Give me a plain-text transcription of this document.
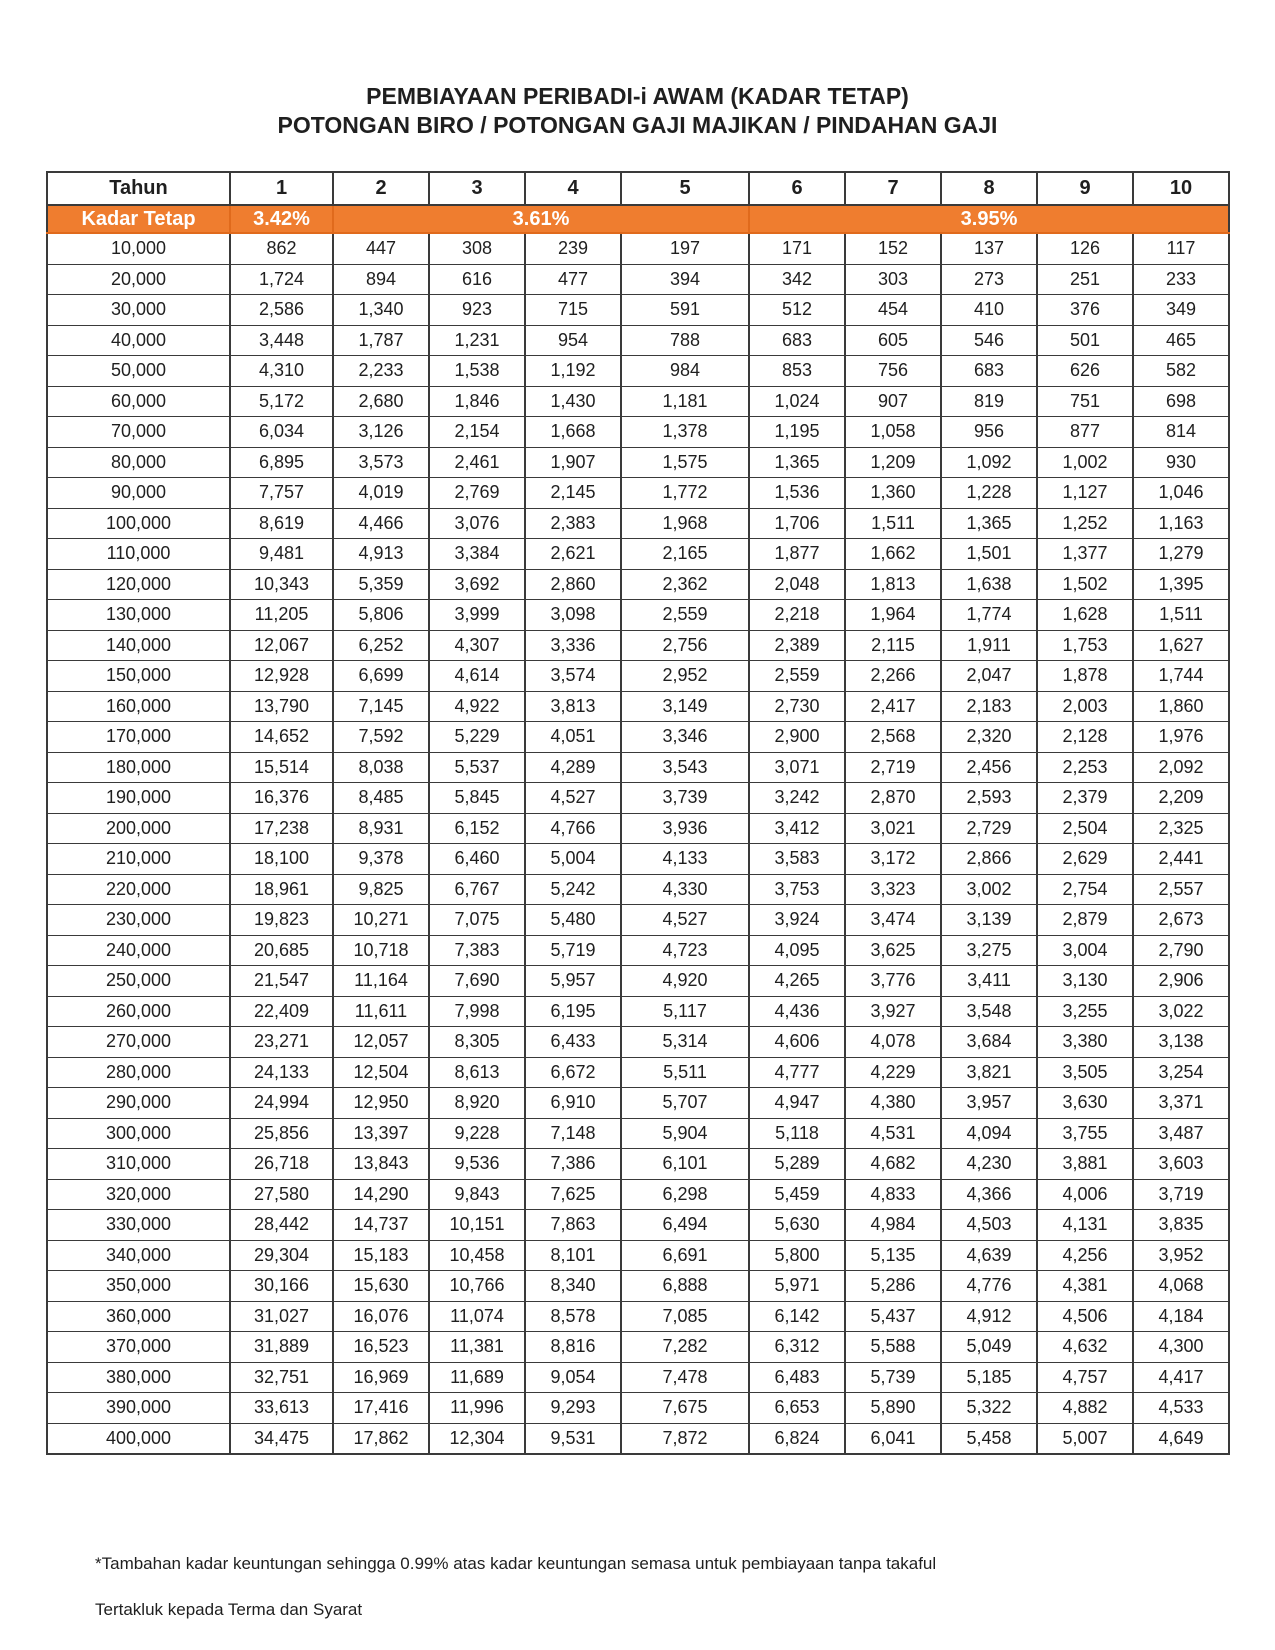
PEMBIAYAAN PERIBADI-i AWAM (KADAR TETAP)
POTONGAN BIRO / POTONGAN GAJI MAJIKAN / PINDAHAN GAJI
Tahun	1	2	3	4	5	6	7	8	9	10
Kadar Tetap	3.42%	3.61%				3.95%				
10,000	862	447	308	239	197	171	152	137	126	117
20,000	1,724	894	616	477	394	342	303	273	251	233
30,000	2,586	1,340	923	715	591	512	454	410	376	349
40,000	3,448	1,787	1,231	954	788	683	605	546	501	465
50,000	4,310	2,233	1,538	1,192	984	853	756	683	626	582
60,000	5,172	2,680	1,846	1,430	1,181	1,024	907	819	751	698
70,000	6,034	3,126	2,154	1,668	1,378	1,195	1,058	956	877	814
80,000	6,895	3,573	2,461	1,907	1,575	1,365	1,209	1,092	1,002	930
90,000	7,757	4,019	2,769	2,145	1,772	1,536	1,360	1,228	1,127	1,046
100,000	8,619	4,466	3,076	2,383	1,968	1,706	1,511	1,365	1,252	1,163
110,000	9,481	4,913	3,384	2,621	2,165	1,877	1,662	1,501	1,377	1,279
120,000	10,343	5,359	3,692	2,860	2,362	2,048	1,813	1,638	1,502	1,395
130,000	11,205	5,806	3,999	3,098	2,559	2,218	1,964	1,774	1,628	1,511
140,000	12,067	6,252	4,307	3,336	2,756	2,389	2,115	1,911	1,753	1,627
150,000	12,928	6,699	4,614	3,574	2,952	2,559	2,266	2,047	1,878	1,744
160,000	13,790	7,145	4,922	3,813	3,149	2,730	2,417	2,183	2,003	1,860
170,000	14,652	7,592	5,229	4,051	3,346	2,900	2,568	2,320	2,128	1,976
180,000	15,514	8,038	5,537	4,289	3,543	3,071	2,719	2,456	2,253	2,092
190,000	16,376	8,485	5,845	4,527	3,739	3,242	2,870	2,593	2,379	2,209
200,000	17,238	8,931	6,152	4,766	3,936	3,412	3,021	2,729	2,504	2,325
210,000	18,100	9,378	6,460	5,004	4,133	3,583	3,172	2,866	2,629	2,441
220,000	18,961	9,825	6,767	5,242	4,330	3,753	3,323	3,002	2,754	2,557
230,000	19,823	10,271	7,075	5,480	4,527	3,924	3,474	3,139	2,879	2,673
240,000	20,685	10,718	7,383	5,719	4,723	4,095	3,625	3,275	3,004	2,790
250,000	21,547	11,164	7,690	5,957	4,920	4,265	3,776	3,411	3,130	2,906
260,000	22,409	11,611	7,998	6,195	5,117	4,436	3,927	3,548	3,255	3,022
270,000	23,271	12,057	8,305	6,433	5,314	4,606	4,078	3,684	3,380	3,138
280,000	24,133	12,504	8,613	6,672	5,511	4,777	4,229	3,821	3,505	3,254
290,000	24,994	12,950	8,920	6,910	5,707	4,947	4,380	3,957	3,630	3,371
300,000	25,856	13,397	9,228	7,148	5,904	5,118	4,531	4,094	3,755	3,487
310,000	26,718	13,843	9,536	7,386	6,101	5,289	4,682	4,230	3,881	3,603
320,000	27,580	14,290	9,843	7,625	6,298	5,459	4,833	4,366	4,006	3,719
330,000	28,442	14,737	10,151	7,863	6,494	5,630	4,984	4,503	4,131	3,835
340,000	29,304	15,183	10,458	8,101	6,691	5,800	5,135	4,639	4,256	3,952
350,000	30,166	15,630	10,766	8,340	6,888	5,971	5,286	4,776	4,381	4,068
360,000	31,027	16,076	11,074	8,578	7,085	6,142	5,437	4,912	4,506	4,184
370,000	31,889	16,523	11,381	8,816	7,282	6,312	5,588	5,049	4,632	4,300
380,000	32,751	16,969	11,689	9,054	7,478	6,483	5,739	5,185	4,757	4,417
390,000	33,613	17,416	11,996	9,293	7,675	6,653	5,890	5,322	4,882	4,533
400,000	34,475	17,862	12,304	9,531	7,872	6,824	6,041	5,458	5,007	4,649
*Tambahan kadar keuntungan sehingga 0.99% atas kadar keuntungan semasa untuk pembiayaan tanpa takaful
Tertakluk kepada Terma dan Syarat
